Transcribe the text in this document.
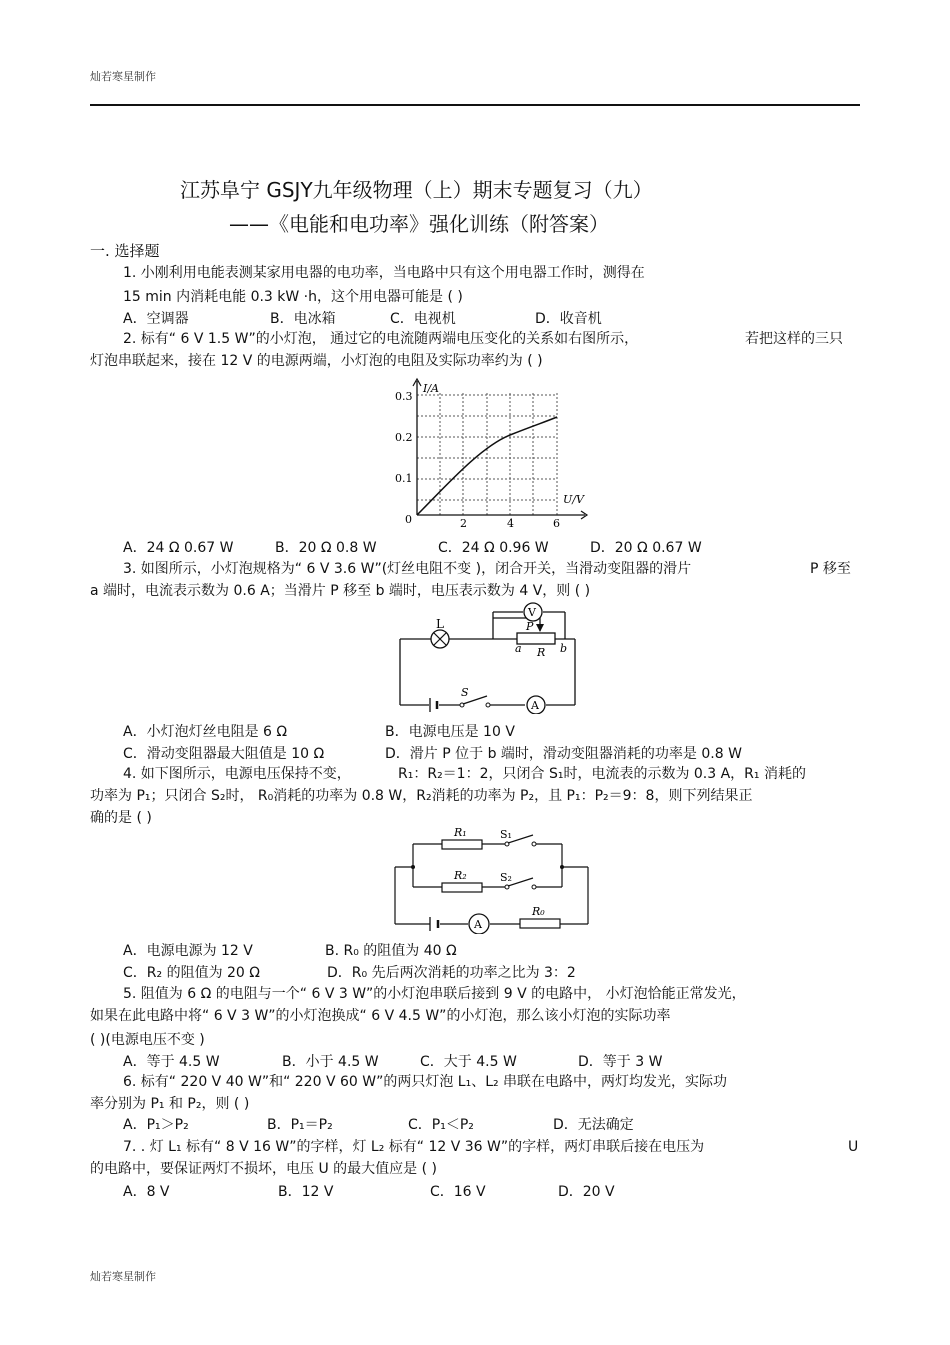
灿若寒星制作
灿若寒星制作
江苏阜宁 GSJY九年级物理（上）期末专题复习（九）
——《电能和电功率》强化训练（附答案）
一. 选择题
1. 小刚利用电能表测某家用电器的电功率，当电路中只有这个用电器工作时，测得在
15 min 内消耗电能 0.3 kW ·h，这个用电器可能是 ( )
A．空调器	B．电冰箱	C．电视机	D．收音机
2. 标有“ 6 V 1.5 W”的小灯泡， 通过它的电流随两端电压变化的关系如右图所示，	若把这样的三只
灯泡串联起来，接在 12 V 的电源两端，小灯泡的电阻及实际功率约为 ( )
I/A
U/V
0
0.1
0.2
0.3
2	4	6
A．24 Ω 0.67 W	B．20 Ω 0.8 W	C．24 Ω 0.96 W	D．20 Ω 0.67 W
3. 如图所示，小灯泡规格为“ 6 V 3.6 W”(灯丝电阻不变 )，闭合开关，当滑动变阻器的滑片	P 移至
a 端时，电流表示数为 0.6 A；当滑片 P 移至 b 端时，电压表示数为 4 V，则 ( )
L
V
P
a R b
S
A
A．小灯泡灯丝电阻是 6 Ω	B．电源电压是 10 V
C．滑动变阻器最大阻值是 10 Ω	D．滑片 P 位于 b 端时，滑动变阻器消耗的功率是 0.8 W
4. 如下图所示，电源电压保持不变，	R₁：R₂＝1：2，只闭合 S₁时，电流表的示数为 0.3 A，R₁ 消耗的
功率为 P₁；只闭合 S₂时， R₀消耗的功率为 0.8 W，R₂消耗的功率为 P₂，且 P₁：P₂＝9：8，则下列结果正
确的是 ( )
R₁	S₁
R₂	S₂
A
R₀
A．电源电源为 12 V	B. R₀ 的阻值为 40 Ω
C．R₂ 的阻值为 20 Ω	D．R₀ 先后两次消耗的功率之比为 3：2
5. 阻值为 6 Ω 的电阻与一个“ 6 V 3 W”的小灯泡串联后接到 9 V 的电路中， 小灯泡恰能正常发光，
如果在此电路中将“ 6 V 3 W”的小灯泡换成“ 6 V 4.5 W”的小灯泡，那么该小灯泡的实际功率
( )(电源电压不变 )
A．等于 4.5 W	B．小于 4.5 W	C．大于 4.5 W	D．等于 3 W
6. 标有“ 220 V 40 W”和“ 220 V 60 W”的两只灯泡 L₁、L₂ 串联在电路中，两灯均发光，实际功
率分别为 P₁ 和 P₂，则 ( )
A．P₁＞P₂	B．P₁＝P₂	C．P₁＜P₂	D．无法确定
7. . 灯 L₁ 标有“ 8 V 16 W”的字样，灯 L₂ 标有“ 12 V 36 W”的字样，两灯串联后接在电压为	U
的电路中，要保证两灯不损坏，电压 U 的最大值应是 ( )
A．8 V	B．12 V	C．16 V	D．20 V
